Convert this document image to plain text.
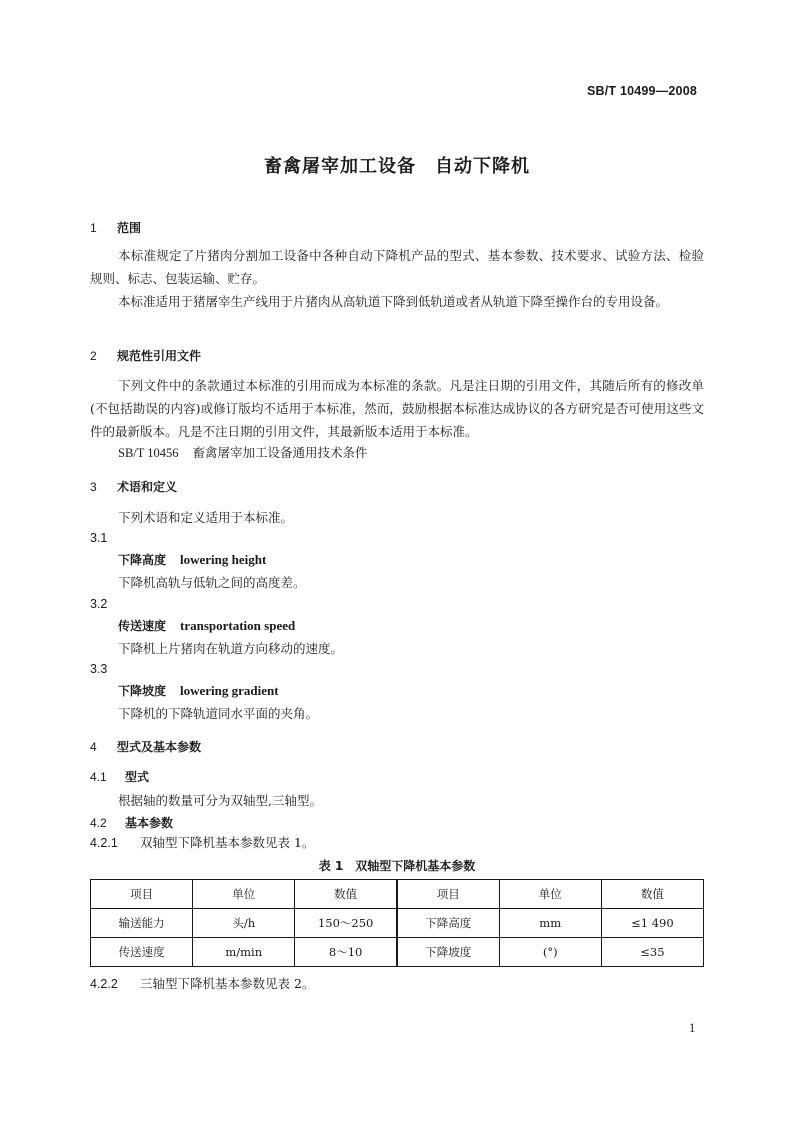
SB/T 10499—2008
畜禽屠宰加工设备　自动下降机
1 范围
本标准规定了片猪肉分割加工设备中各种自动下降机产品的型式、基本参数、技术要求、试验方法、检验规则、标志、包装运输、贮存。
本标准适用于猪屠宰生产线用于片猪肉从高轨道下降到低轨道或者从轨道下降至操作台的专用设备。
2 规范性引用文件
下列文件中的条款通过本标准的引用而成为本标准的条款。凡是注日期的引用文件，其随后所有的修改单(不包括勘误的内容)或修订版均不适用于本标准，然而，鼓励根据本标准达成协议的各方研究是否可使用这些文件的最新版本。凡是不注日期的引用文件，其最新版本适用于本标准。
SB/T 10456 畜禽屠宰加工设备通用技术条件
3 术语和定义
下列术语和定义适用于本标准。
3.1
下降高度 lowering height
下降机高轨与低轨之间的高度差。
3.2
传送速度 transportation speed
下降机上片猪肉在轨道方向移动的速度。
3.3
下降坡度 lowering gradient
下降机的下降轨道同水平面的夹角。
4 型式及基本参数
4.1 型式
根据轴的数量可分为双轴型,三轴型。
4.2 基本参数
4.2.1 双轴型下降机基本参数见表 1。
表 1　双轴型下降机基本参数
项目	单位	数值	项目	单位	数值
输送能力	头/h	150～250	下降高度	mm	≤1 490
传送速度	m/min	8～10	下降坡度	(°)	≤35
4.2.2 三轴型下降机基本参数见表 2。
1
